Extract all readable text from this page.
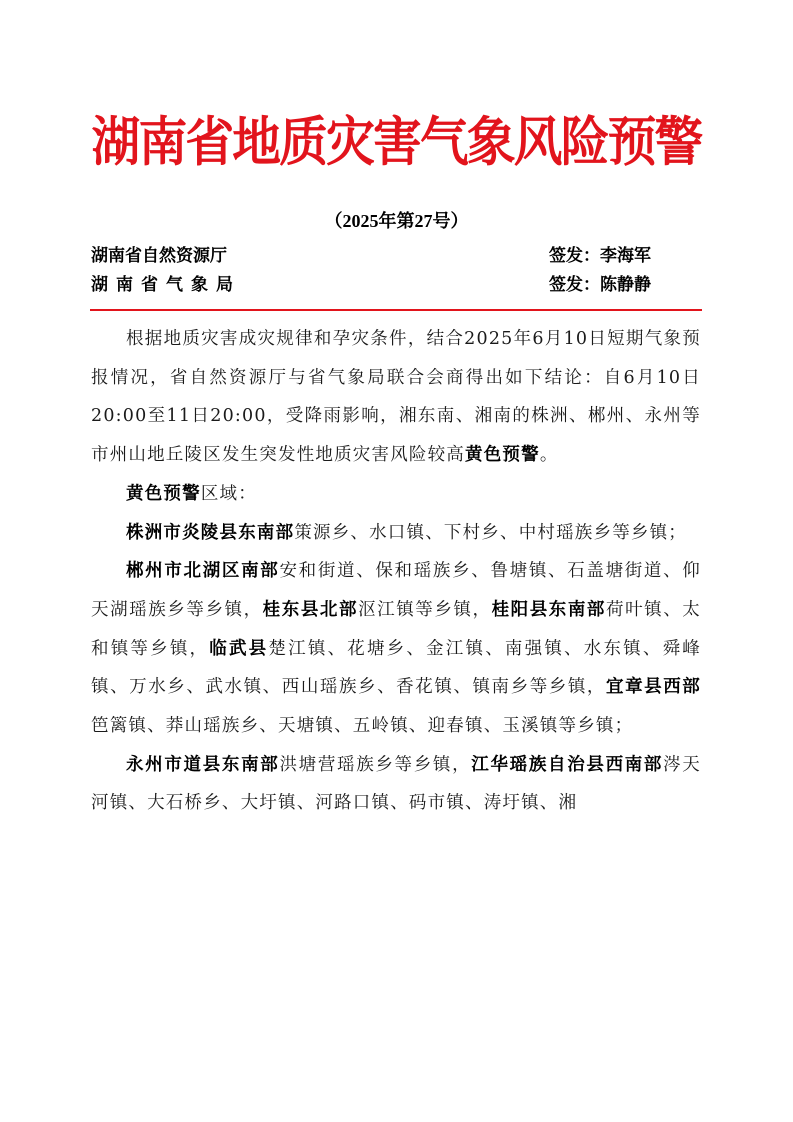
湖南省地质灾害气象风险预警
（2025年第27号）
湖南省自然资源厅
湖南省气象局
签发：李海军
签发：陈静静

根据地质灾害成灾规律和孕灾条件，结合2025年6月10日短期气象预报情况，省自然资源厅与省气象局联合会商得出如下结论：自6月10日20:00至11日20:00，受降雨影响，湘东南、湘南的株洲、郴州、永州等市州山地丘陵区发生突发性地质灾害风险较高黄色预警。

黄色预警区域：

株洲市炎陵县东南部策源乡、水口镇、下村乡、中村瑶族乡等乡镇；

郴州市北湖区南部安和街道、保和瑶族乡、鲁塘镇、石盖塘街道、仰天湖瑶族乡等乡镇，桂东县北部沤江镇等乡镇，桂阳县东南部荷叶镇、太和镇等乡镇，临武县楚江镇、花塘乡、金江镇、南强镇、水东镇、舜峰镇、万水乡、武水镇、西山瑶族乡、香花镇、镇南乡等乡镇，宜章县西部笆篱镇、莽山瑶族乡、天塘镇、五岭镇、迎春镇、玉溪镇等乡镇；

永州市道县东南部洪塘营瑶族乡等乡镇，江华瑶族自治县西南部涔天河镇、大石桥乡、大圩镇、河路口镇、码市镇、涛圩镇、湘
